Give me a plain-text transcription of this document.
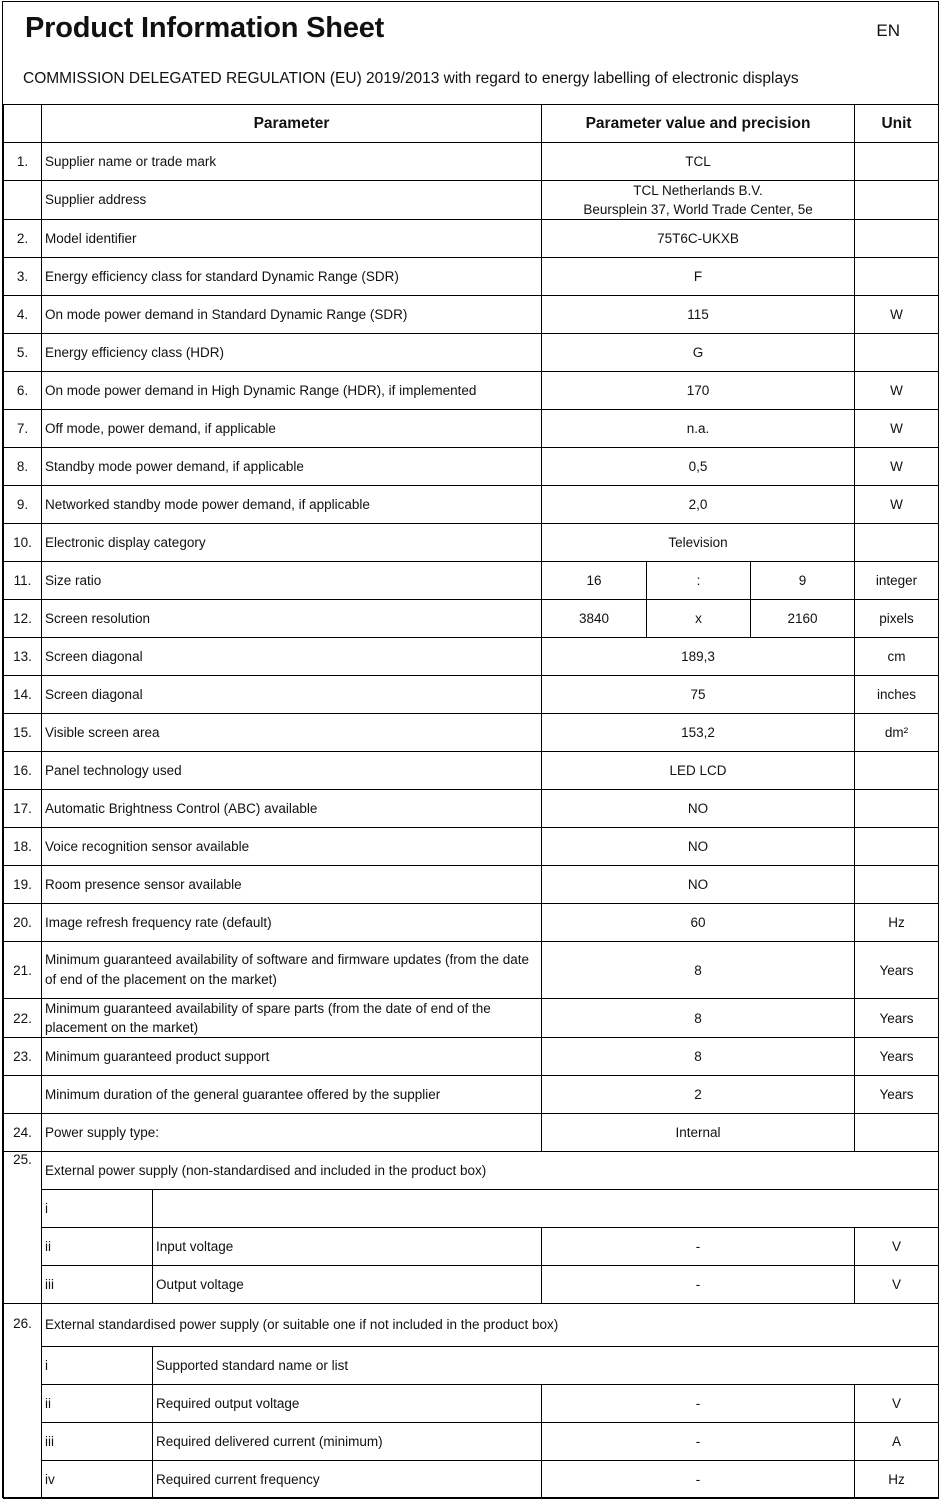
Product Information Sheet	EN
COMMISSION DELEGATED REGULATION (EU) 2019/2013 with regard to energy labelling of electronic displays
	Parameter		Parameter value and precision			Unit
1.	Supplier name or trade mark		TCL			
	Supplier address		TCL Netherlands B.V.
Beursplein 37, World Trade Center, 5e			

2.	Model identifier		75T6C-UKXB			
3.	Energy efficiency class for standard Dynamic Range (SDR)		F			
4.	On mode power demand in Standard Dynamic Range (SDR)		115			W
5.	Energy efficiency class (HDR)		G			
6.	On mode power demand in High Dynamic Range (HDR), if implemented		170			W
7.	Off mode, power demand, if applicable		n.a.			W
8.	Standby mode power demand, if applicable		0,5			W
9.	Networked standby mode power demand, if applicable		2,0			W
10.	Electronic display category		Television			
11.	Size ratio		16	:	9	integer
12.	Screen resolution		3840	x	2160	pixels
13.	Screen diagonal		189,3			cm
14.	Screen diagonal		75			inches
15.	Visible screen area		153,2			dm²
16.	Panel technology used		LED LCD			
17.	Automatic Brightness Control (ABC) available		NO			
18.	Voice recognition sensor available		NO			
19.	Room presence sensor available		NO			
20.	Image refresh frequency rate (default)		60			Hz
21.	Minimum guaranteed availability of software and firmware updates (from the date of end of the placement on the market)		8			Years
22.	Minimum guaranteed availability of spare parts (from the date of end of the placement on the market)		8			Years
23.	Minimum guaranteed product support		8			Years
	Minimum duration of the general guarantee offered by the supplier		2			Years
24.	Power supply type:		Internal			
25.	External power supply (non-standardised and included in the product box)					
	i					
	ii	Input voltage	-			V
	iii	Output voltage	-			V
26.	External standardised power supply (or suitable one if not included in the product box)					
	i	Supported standard name or list				
	ii	Required output voltage	-			V
	iii	Required delivered current (minimum)	-			A
	iv	Required current frequency	-			Hz
